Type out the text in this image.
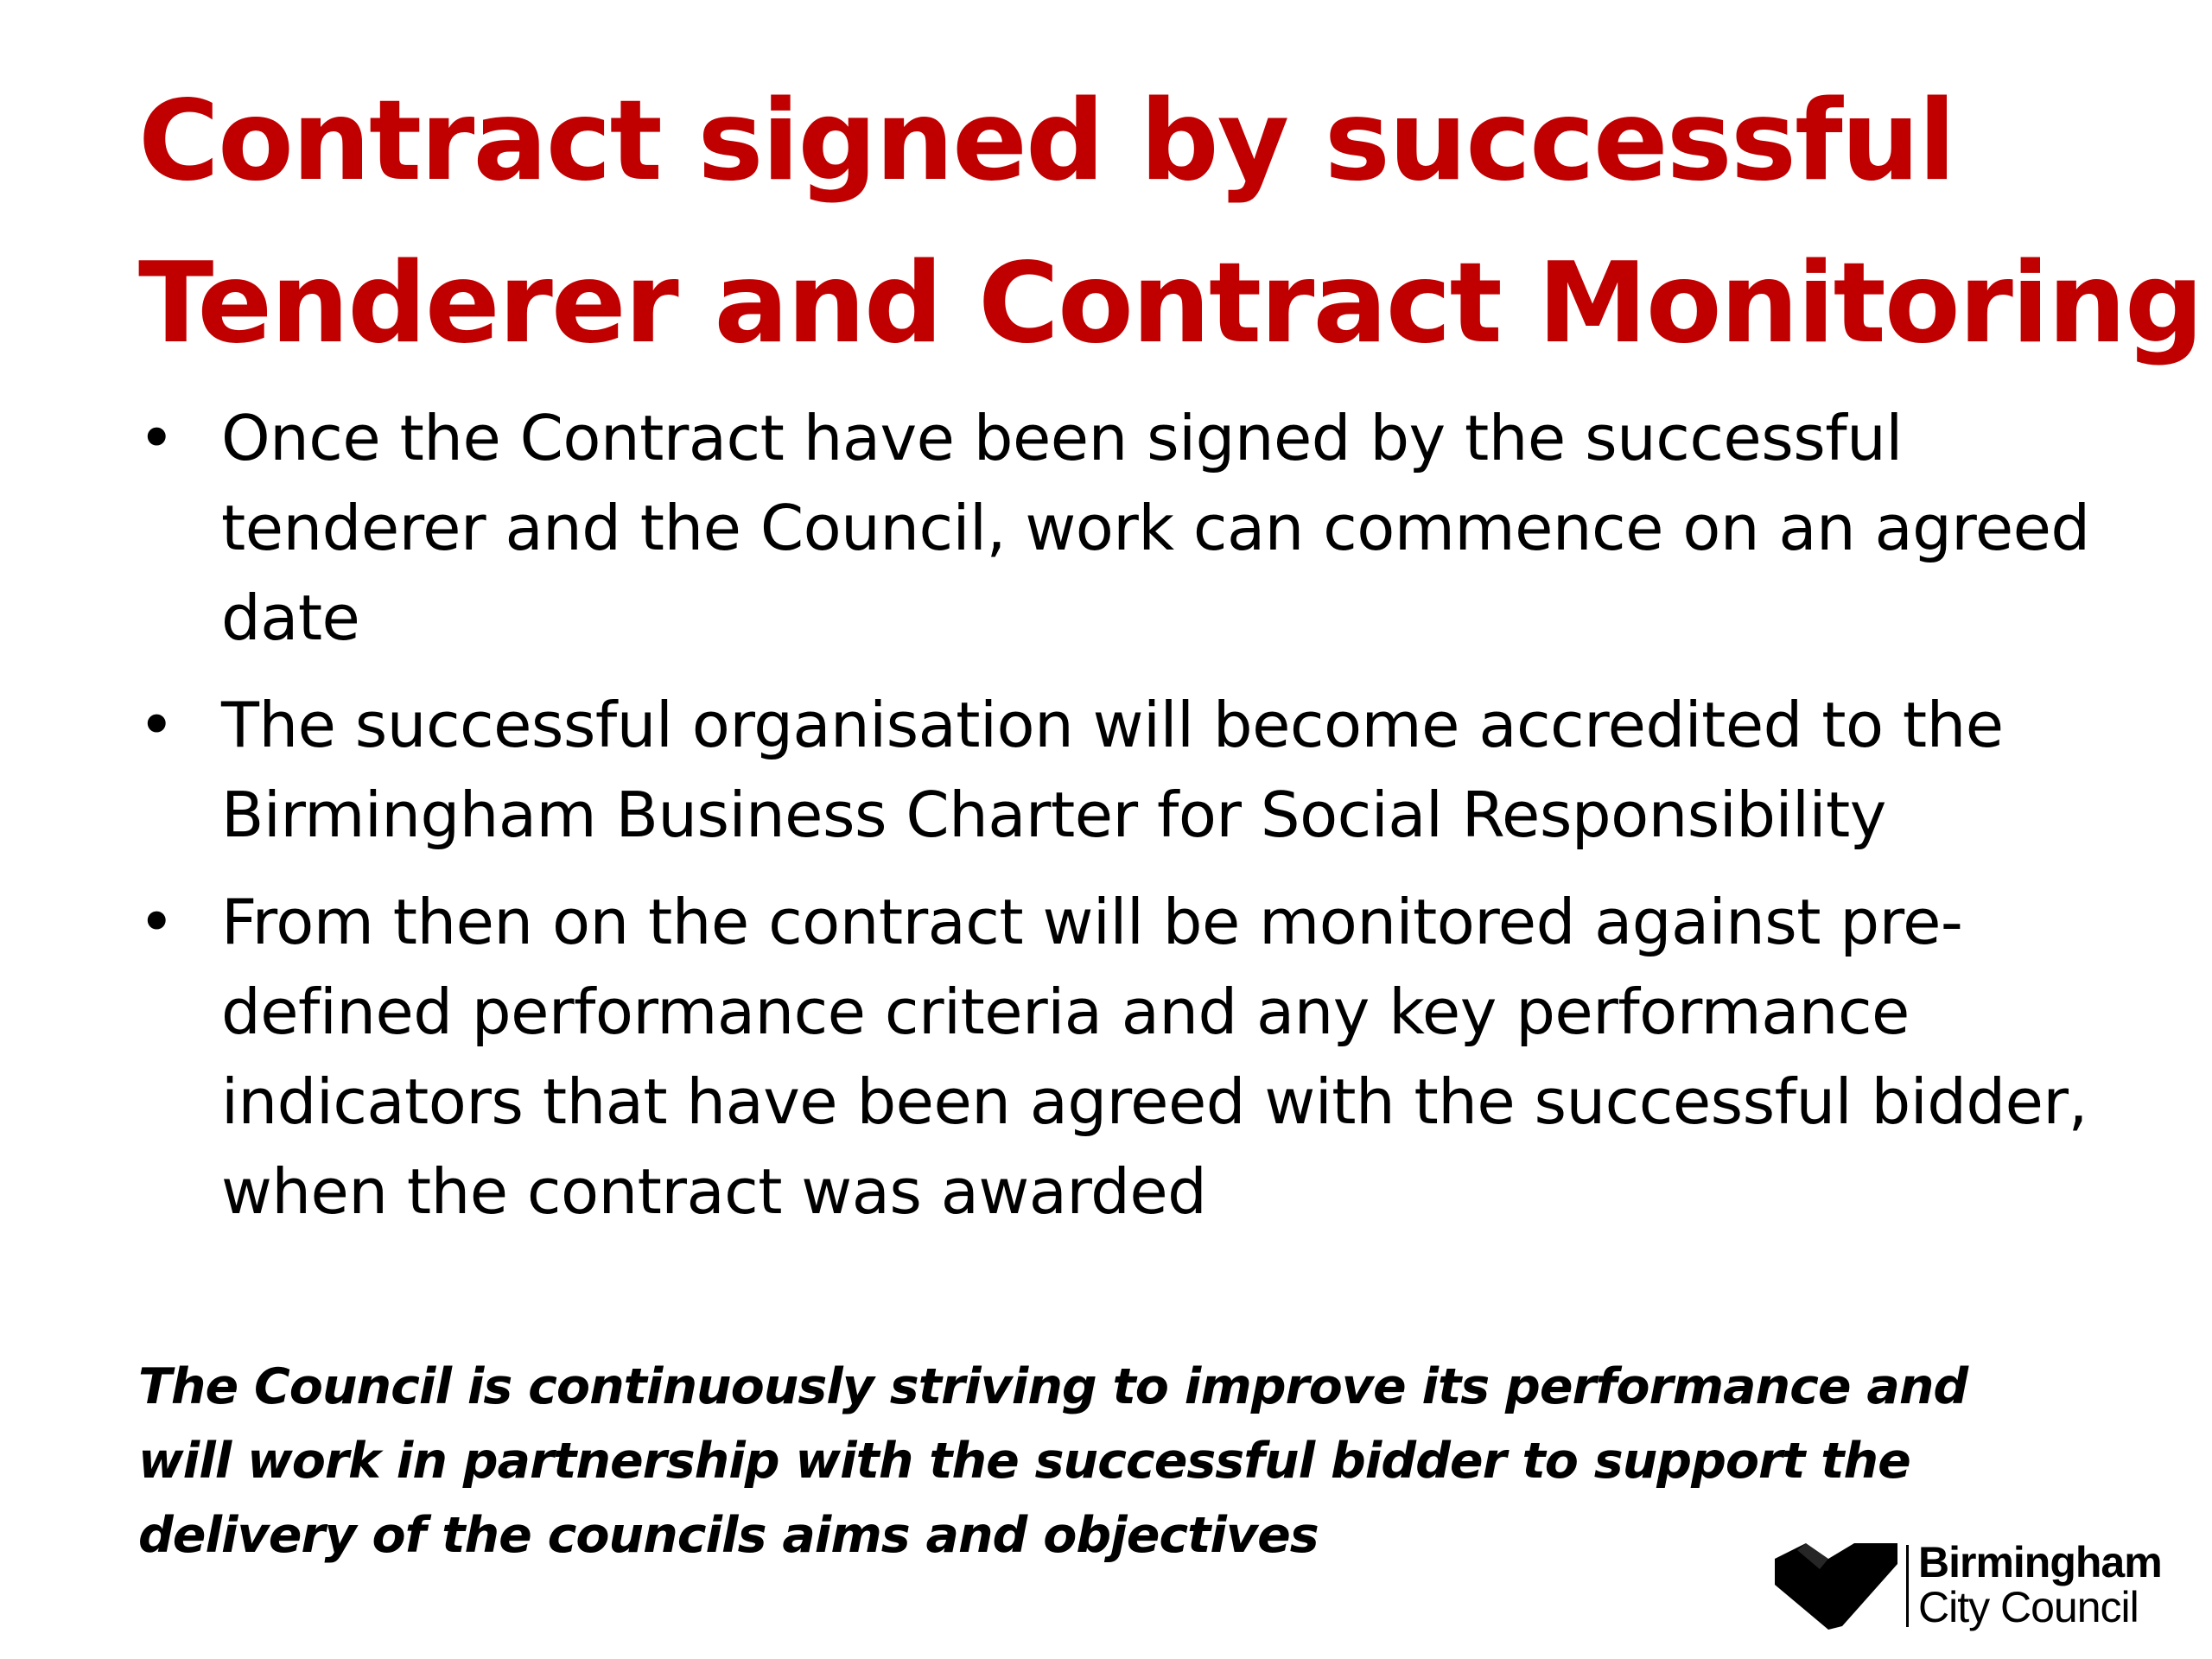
Contract signed by successful
Tenderer and Contract Monitoring
• Once the Contract have been signed by the successful tenderer and the Council, work can commence on an agreed date
• The successful organisation will become accredited to the Birmingham Business Charter for Social Responsibility
• From then on the contract will be monitored against pre-defined performance criteria and any key performance indicators that have been agreed with the successful bidder, when the contract was awarded

The Council is continuously striving to improve its performance and will work in partnership with the successful bidder to support the delivery of the councils aims and objectives	Birmingham
City Council
